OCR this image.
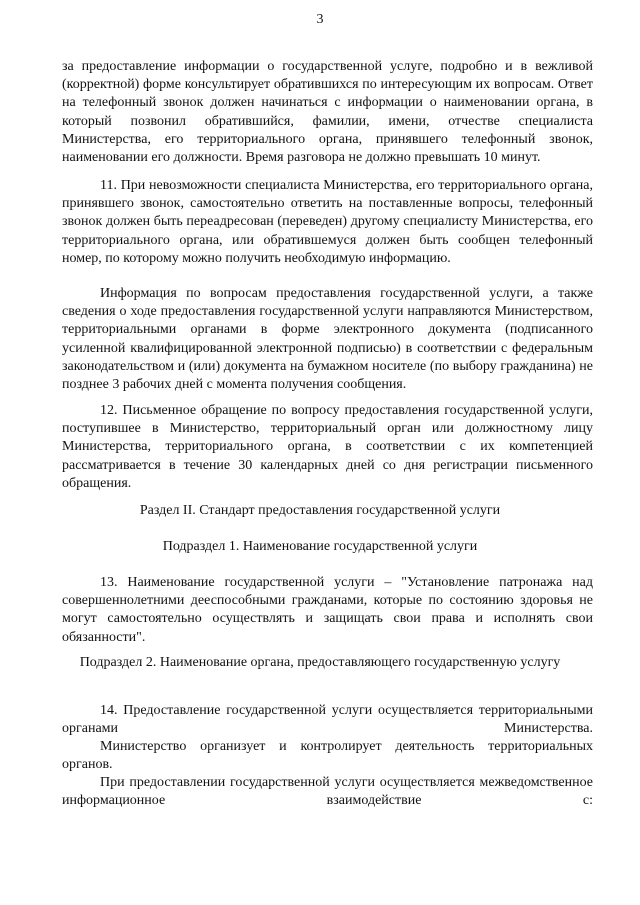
3
за предоставление информации о государственной услуге, подробно и в вежливой (корректной) форме консультирует обратившихся по интересующим их вопросам. Ответ на телефонный звонок должен начинаться с информации о наименовании органа, в который позвонил обратившийся, фамилии, имени, отчестве специалиста Министерства, его территориального органа, принявшего телефонный звонок, наименовании его должности. Время разговора не должно превышать 10 минут.
11. При невозможности специалиста Министерства, его территориального органа, принявшего звонок, самостоятельно ответить на поставленные вопросы, телефонный звонок должен быть переадресован (переведен) другому специалисту Министерства, его территориального органа, или обратившемуся должен быть сообщен телефонный номер, по которому можно получить необходимую информацию.
Информация по вопросам предоставления государственной услуги, а также сведения о ходе предоставления государственной услуги направляются Министерством, территориальными органами в форме электронного документа (подписанного усиленной квалифицированной электронной подписью) в соответствии с федеральным законодательством и (или) документа на бумажном носителе (по выбору гражданина) не позднее 3 рабочих дней с момента получения сообщения.
12. Письменное обращение по вопросу предоставления государственной услуги, поступившее в Министерство, территориальный орган или должностному лицу Министерства, территориального органа, в соответствии с их компетенцией рассматривается в течение 30 календарных дней со дня регистрации письменного обращения.
Раздел II. Стандарт предоставления государственной услуги
Подраздел 1. Наименование государственной услуги
13. Наименование государственной услуги – "Установление патронажа над совершеннолетними дееспособными гражданами, которые по состоянию здоровья не могут самостоятельно осуществлять и защищать свои права и исполнять свои обязанности".
Подраздел 2. Наименование органа, предоставляющего государственную услугу
14. Предоставление государственной услуги осуществляется территориальными органами Министерства.
Министерство организует и контролирует деятельность территориальных органов.
При предоставлении государственной услуги осуществляется межведомственное информационное взаимодействие с:
